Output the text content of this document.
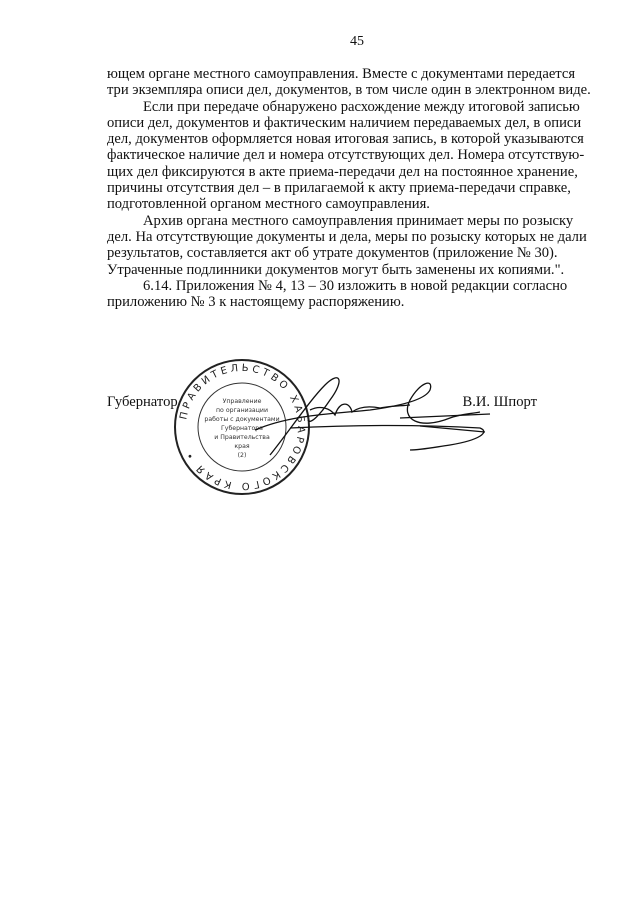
45
ющем органе местного самоуправления. Вместе с документами передается
три экземпляра описи дел, документов, в том числе один в электронном виде.
Если при передаче обнаружено расхождение между итоговой записью
описи дел, документов и фактическим наличием передаваемых дел, в описи
дел, документов оформляется новая итоговая запись, в которой указываются
фактическое наличие дел и номера отсутствующих дел. Номера отсутствую-
щих дел фиксируются в акте приема-передачи дел на постоянное хранение,
причины отсутствия дел – в прилагаемой к акту приема-передачи справке,
подготовленной органом местного самоуправления.
Архив органа местного самоуправления принимает меры по розыску
дел. На отсутствующие документы и дела, меры по розыску которых не дали
результатов, составляется акт об утрате документов (приложение № 30).
Утраченные подлинники документов могут быть заменены их копиями.".
6.14. Приложения № 4, 13 – 30 изложить в новой редакции согласно
приложению № 3 к настоящему распоряжению.
Губернатор	В.И. Шпорт
ПРАВИТЕЛЬСТВО ХАБАРОВСКОГО КРАЯ •
Управление
по организации
работы с документами
Губернатора
и Правительства
края
(2)
